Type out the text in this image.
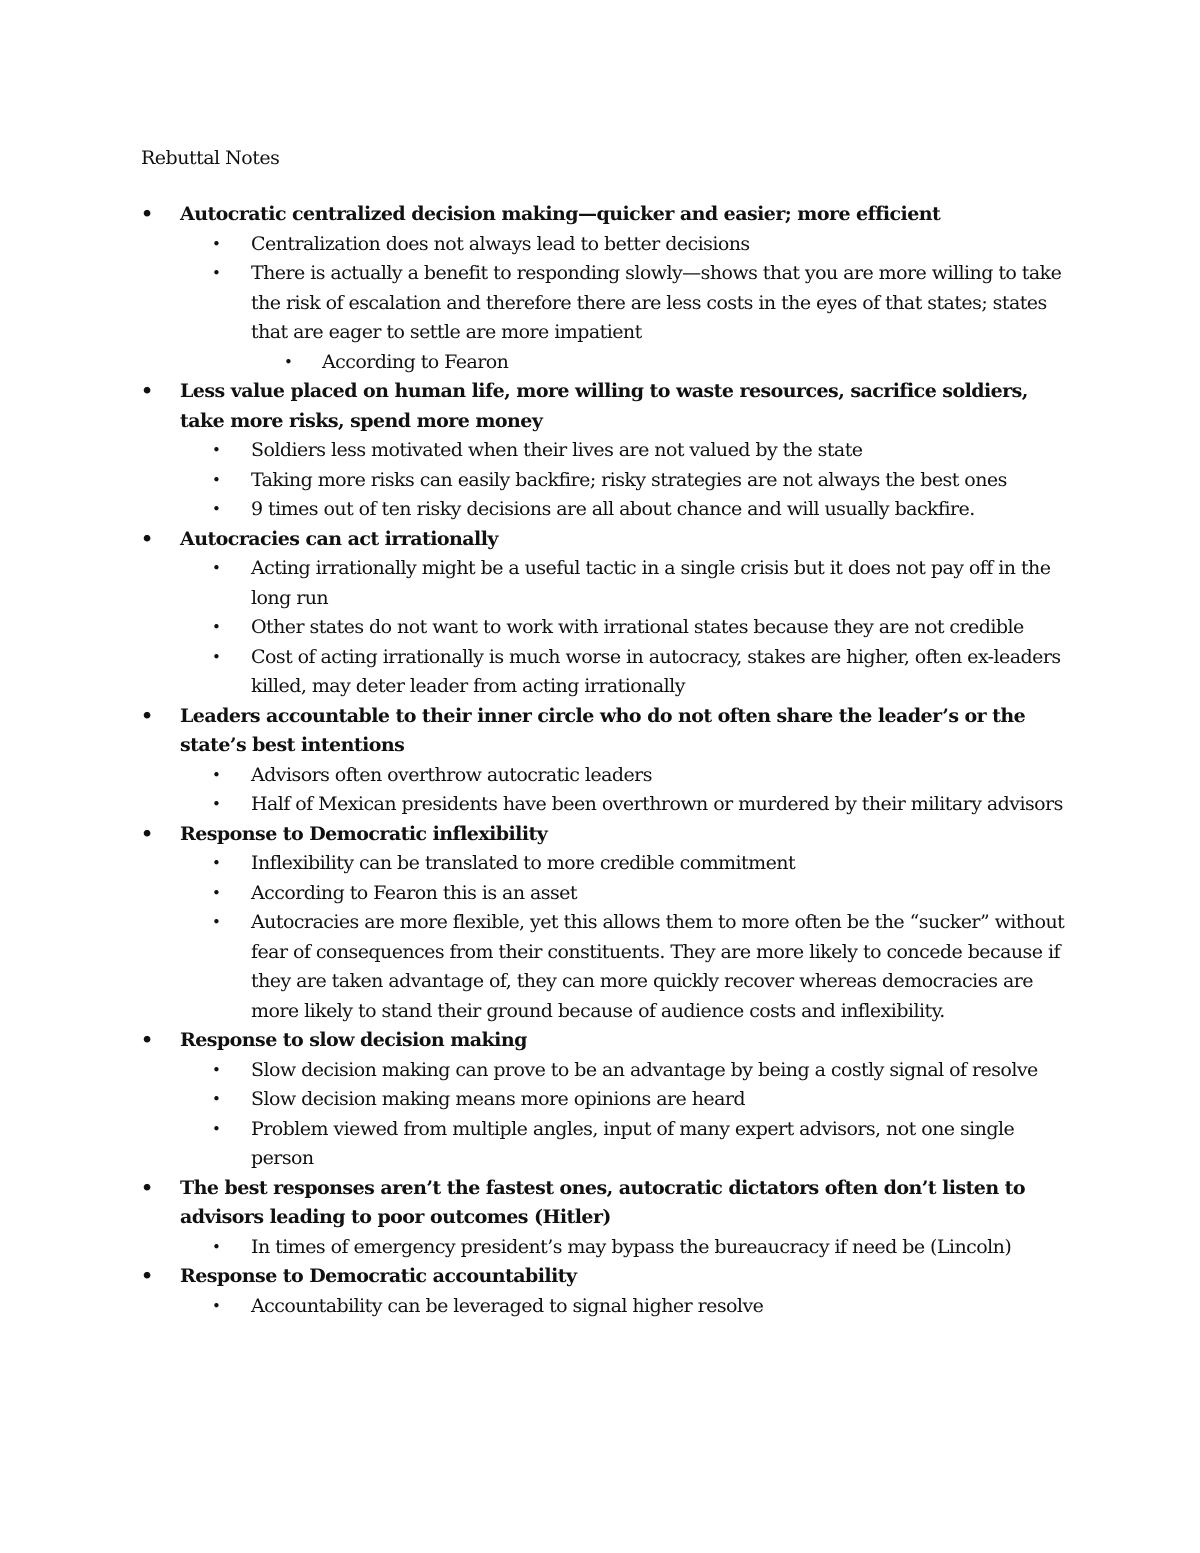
Rebuttal Notes
• Autocratic centralized decision making—quicker and easier; more efficient
• Centralization does not always lead to better decisions
• There is actually a benefit to responding slowly—shows that you are more willing to take the risk of escalation and therefore there are less costs in the eyes of that states; states that are eager to settle are more impatient
• According to Fearon
• Less value placed on human life, more willing to waste resources, sacrifice soldiers, take more risks, spend more money
• Soldiers less motivated when their lives are not valued by the state
• Taking more risks can easily backfire; risky strategies are not always the best ones
• 9 times out of ten risky decisions are all about chance and will usually backfire.
• Autocracies can act irrationally
• Acting irrationally might be a useful tactic in a single crisis but it does not pay off in the long run
• Other states do not want to work with irrational states because they are not credible
• Cost of acting irrationally is much worse in autocracy, stakes are higher, often ex-leaders killed, may deter leader from acting irrationally
• Leaders accountable to their inner circle who do not often share the leader’s or the state’s best intentions
• Advisors often overthrow autocratic leaders
• Half of Mexican presidents have been overthrown or murdered by their military advisors
• Response to Democratic inflexibility
• Inflexibility can be translated to more credible commitment
• According to Fearon this is an asset
• Autocracies are more flexible, yet this allows them to more often be the “sucker” without fear of consequences from their constituents. They are more likely to concede because if they are taken advantage of, they can more quickly recover whereas democracies are more likely to stand their ground because of audience costs and inflexibility.
• Response to slow decision making
• Slow decision making can prove to be an advantage by being a costly signal of resolve
• Slow decision making means more opinions are heard
• Problem viewed from multiple angles, input of many expert advisors, not one single person
• The best responses aren’t the fastest ones, autocratic dictators often don’t listen to advisors leading to poor outcomes (Hitler)
• In times of emergency president’s may bypass the bureaucracy if need be (Lincoln)
• Response to Democratic accountability
• Accountability can be leveraged to signal higher resolve
